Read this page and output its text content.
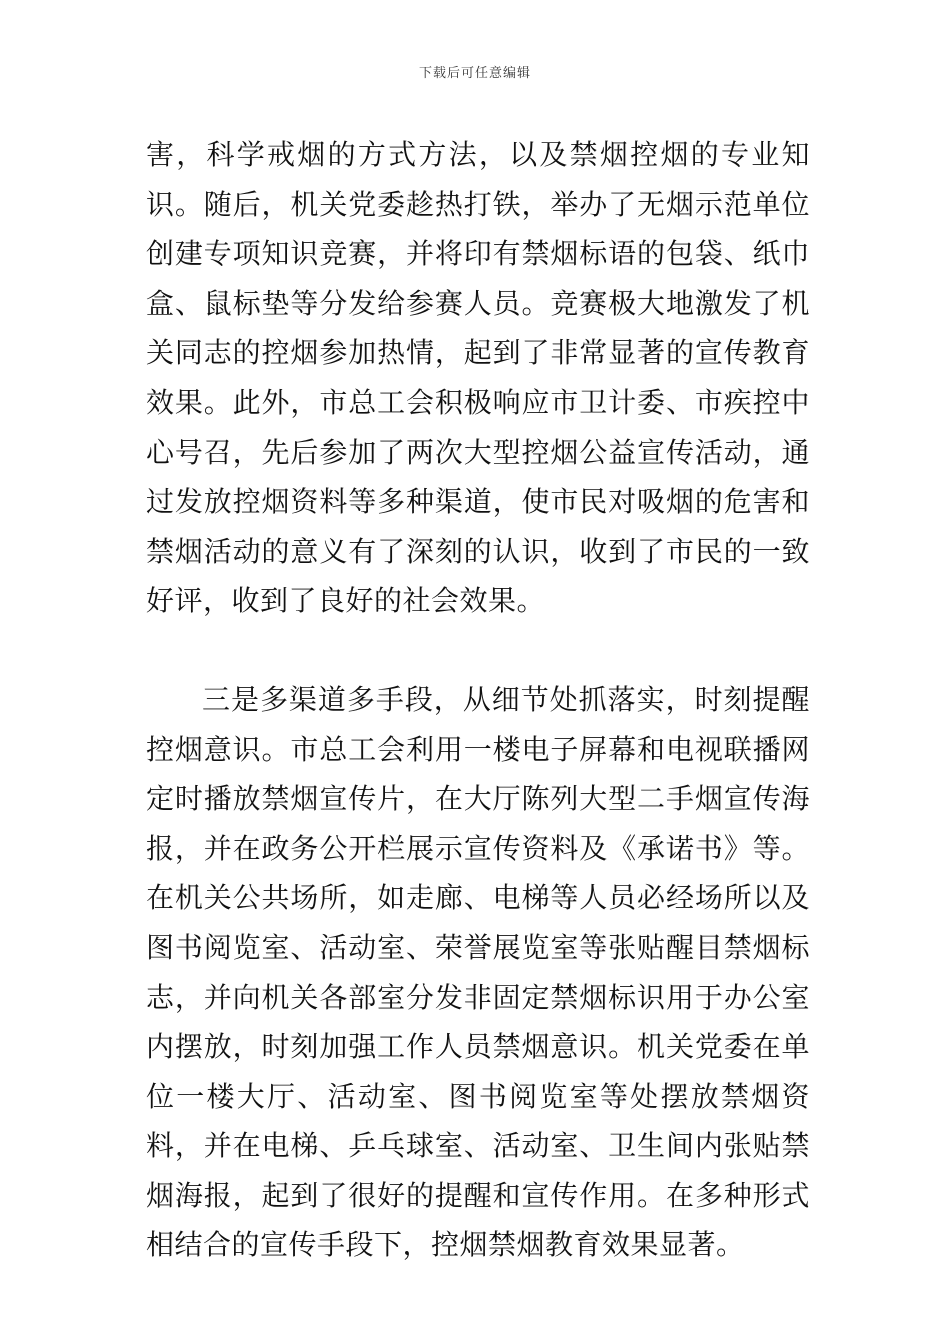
下载后可任意编辑

害，科学戒烟的方式方法，以及禁烟控烟的专业知识。随后，机关党委趁热打铁，举办了无烟示范单位创建专项知识竞赛，并将印有禁烟标语的包袋、纸巾盒、鼠标垫等分发给参赛人员。竞赛极大地激发了机关同志的控烟参加热情，起到了非常显著的宣传教育效果。此外，市总工会积极响应市卫计委、市疾控中心号召，先后参加了两次大型控烟公益宣传活动，通过发放控烟资料等多种渠道，使市民对吸烟的危害和禁烟活动的意义有了深刻的认识，收到了市民的一致好评，收到了良好的社会效果。

三是多渠道多手段，从细节处抓落实，时刻提醒控烟意识。市总工会利用一楼电子屏幕和电视联播网定时播放禁烟宣传片，在大厅陈列大型二手烟宣传海报，并在政务公开栏展示宣传资料及《承诺书》等。在机关公共场所，如走廊、电梯等人员必经场所以及图书阅览室、活动室、荣誉展览室等张贴醒目禁烟标志，并向机关各部室分发非固定禁烟标识用于办公室内摆放，时刻加强工作人员禁烟意识。机关党委在单位一楼大厅、活动室、图书阅览室等处摆放禁烟资料，并在电梯、乒乓球室、活动室、卫生间内张贴禁烟海报，起到了很好的提醒和宣传作用。在多种形式相结合的宣传手段下，控烟禁烟教育效果显著。
